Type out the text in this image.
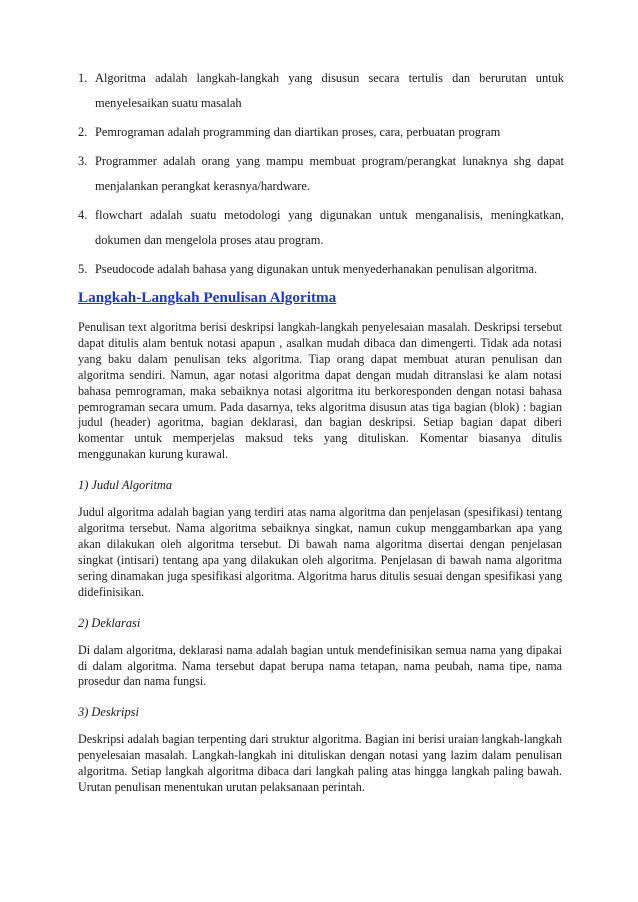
1. Algoritma adalah langkah-langkah yang disusun secara tertulis dan berurutan untuk menyelesaikan suatu masalah
2. Pemrograman adalah programming dan diartikan proses, cara, perbuatan program
3. Programmer adalah orang yang mampu membuat program/perangkat lunaknya shg dapat menjalankan perangkat kerasnya/hardware.
4. flowchart adalah suatu metodologi yang digunakan untuk menganalisis, meningkatkan, dokumen dan mengelola proses atau program.
5. Pseudocode adalah bahasa yang digunakan untuk menyederhanakan penulisan algoritma.
Langkah-Langkah Penulisan Algoritma

Penulisan text algoritma berisi deskripsi langkah-langkah penyelesaian masalah. Deskripsi tersebut dapat ditulis alam bentuk notasi apapun , asalkan mudah dibaca dan dimengerti. Tidak ada notasi yang baku dalam penulisan teks algoritma. Tiap orang dapat membuat aturan penulisan dan algoritma sendiri. Namun, agar notasi algoritma dapat dengan mudah ditranslasi ke alam notasi bahasa pemrograman, maka sebaiknya notasi algoritma itu berkoresponden dengan notasi bahasa pemrograman secara umum. Pada dasarnya, teks algoritma disusun atas tiga bagian (blok) : bagian judul (header) agoritma, bagian deklarasi, dan bagian deskripsi. Setiap bagian dapat diberi komentar untuk memperjelas maksud teks yang dituliskan. Komentar biasanya ditulis menggunakan kurung kurawal.

1) Judul Algoritma

Judul algoritma adalah bagian yang terdiri atas nama algoritma dan penjelasan (spesifikasi) tentang algoritma tersebut. Nama algoritma sebaiknya singkat, namun cukup menggambarkan apa yang akan dilakukan oleh algoritma tersebut. Di bawah nama algoritma disertai dengan penjelasan singkat (intisari) tentang apa yang dilakukan oleh algoritma. Penjelasan di bawah nama algoritma sering dinamakan juga spesifikasi algoritma. Algoritma harus ditulis sesuai dengan spesifikasi yang didefinisikan.

2) Deklarasi

Di dalam algoritma, deklarasi nama adalah bagian untuk mendefinisikan semua nama yang dipakai di dalam algoritma. Nama tersebut dapat berupa nama tetapan, nama peubah, nama tipe, nama prosedur dan nama fungsi.

3) Deskripsi

Deskripsi adalah bagian terpenting dari struktur algoritma. Bagian ini berisi uraian langkah-langkah penyelesaian masalah. Langkah-langkah ini dituliskan dengan notasi yang lazim dalam penulisan algoritma. Setiap langkah algoritma dibaca dari langkah paling atas hingga langkah paling bawah. Urutan penulisan menentukan urutan pelaksanaan perintah.
